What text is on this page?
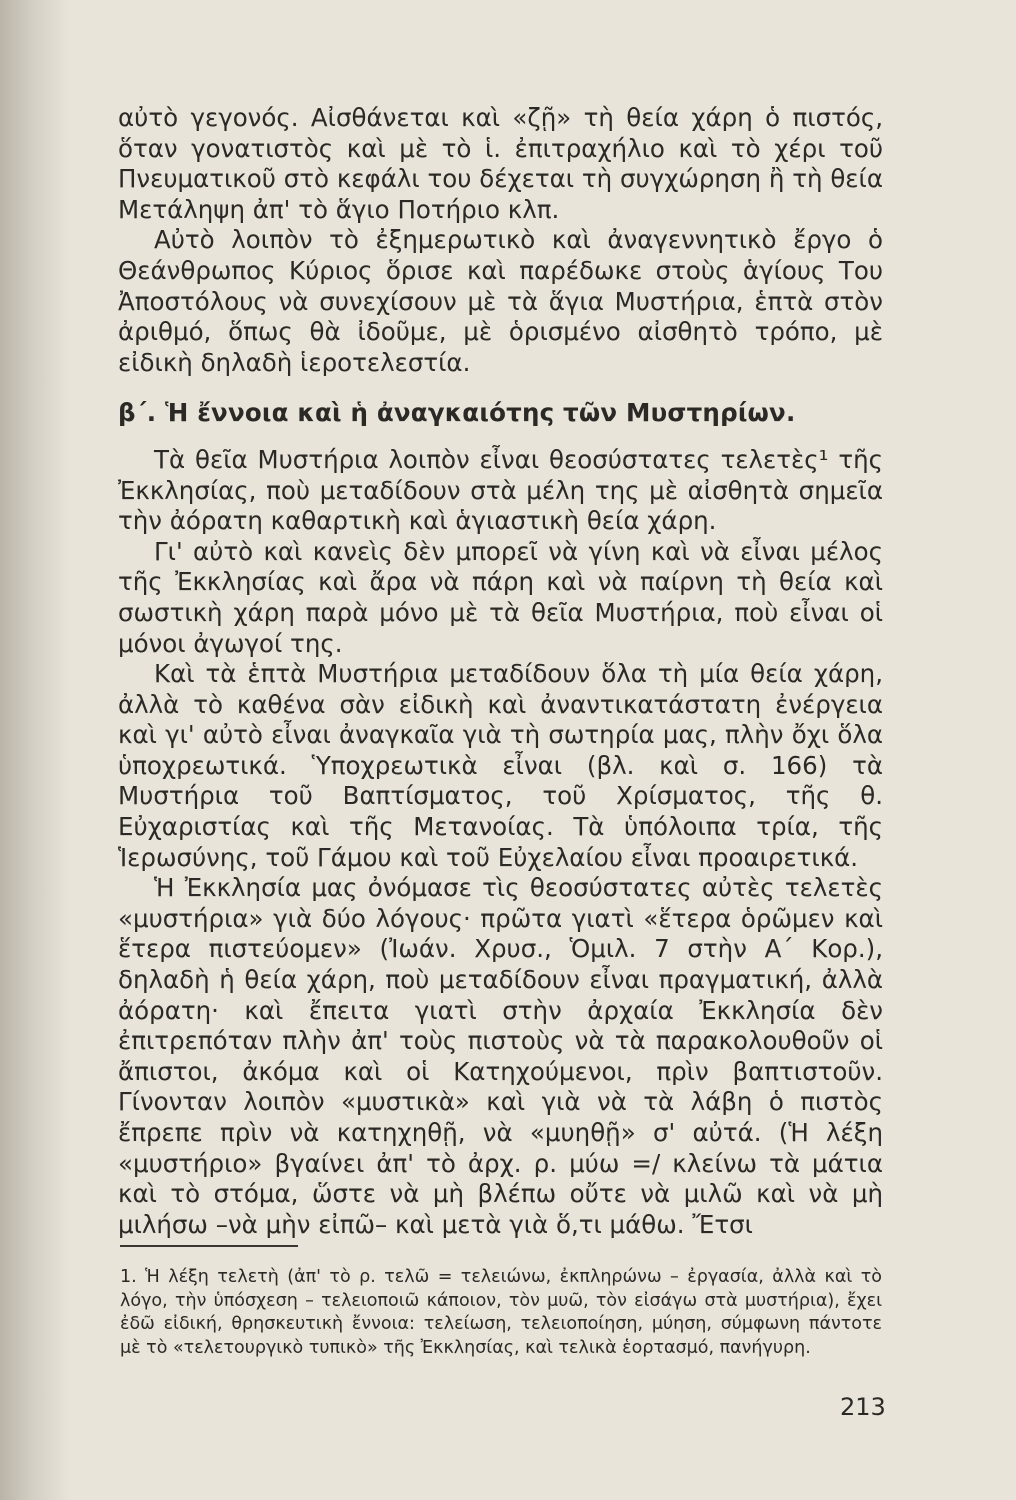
αὐτὸ γεγονός. Αἰσθάνεται καὶ «ζῇ» τὴ θεία χάρη ὁ πιστός, ὅταν γονατιστὸς καὶ μὲ τὸ ἱ. ἐπιτραχήλιο καὶ τὸ χέρι τοῦ Πνευματικοῦ στὸ κεφάλι του δέχεται τὴ συγχώρηση ἢ τὴ θεία Μετάληψη ἀπ' τὸ ἅγιο Ποτήριο κλπ.

Αὐτὸ λοιπὸν τὸ ἐξημερωτικὸ καὶ ἀναγεννητικὸ ἔργο ὁ Θεάνθρωπος Κύριος ὅρισε καὶ παρέδωκε στοὺς ἁγίους Του Ἀποστόλους νὰ συνεχίσουν μὲ τὰ ἅγια Μυστήρια, ἑπτὰ στὸν ἀριθμό, ὅπως θὰ ἰδοῦμε, μὲ ὁρισμένο αἰσθητὸ τρόπο, μὲ εἰδικὴ δηλαδὴ ἱεροτελεστία.

β΄. Ἡ ἔννοια καὶ ἡ ἀναγκαιότης τῶν Μυστηρίων.

Τὰ θεῖα Μυστήρια λοιπὸν εἶναι θεοσύστατες τελετὲς¹ τῆς Ἐκκλησίας, ποὺ μεταδίδουν στὰ μέλη της μὲ αἰσθητὰ σημεῖα τὴν ἀόρατη καθαρτικὴ καὶ ἁγιαστικὴ θεία χάρη.

Γι' αὐτὸ καὶ κανεὶς δὲν μπορεῖ νὰ γίνη καὶ νὰ εἶναι μέλος τῆς Ἐκκλησίας καὶ ἄρα νὰ πάρη καὶ νὰ παίρνη τὴ θεία καὶ σωστικὴ χάρη παρὰ μόνο μὲ τὰ θεῖα Μυστήρια, ποὺ εἶναι οἱ μόνοι ἀγωγοί της.

Καὶ τὰ ἑπτὰ Μυστήρια μεταδίδουν ὅλα τὴ μία θεία χάρη, ἀλλὰ τὸ καθένα σὰν εἰδικὴ καὶ ἀναντικατάστατη ἐνέργεια καὶ γι' αὐτὸ εἶναι ἀναγκαῖα γιὰ τὴ σωτηρία μας, πλὴν ὄχι ὅλα ὑποχρεωτικά. Ὑποχρεωτικὰ εἶναι (βλ. καὶ σ. 166) τὰ Μυστήρια τοῦ Βαπτίσματος, τοῦ Χρίσματος, τῆς θ. Εὐχαριστίας καὶ τῆς Μετανοίας. Τὰ ὑπόλοιπα τρία, τῆς Ἱερωσύνης, τοῦ Γάμου καὶ τοῦ Εὐχελαίου εἶναι προαιρετικά.

Ἡ Ἐκκλησία μας ὀνόμασε τὶς θεοσύστατες αὐτὲς τελετὲς «μυστήρια» γιὰ δύο λόγους· πρῶτα γιατὶ «ἕτερα ὁρῶμεν καὶ ἕτερα πιστεύομεν» (Ἰωάν. Χρυσ., Ὁμιλ. 7 στὴν Α΄ Κορ.), δηλαδὴ ἡ θεία χάρη, ποὺ μεταδίδουν εἶναι πραγματική, ἀλλὰ ἀόρατη· καὶ ἔπειτα γιατὶ στὴν ἀρχαία Ἐκκλησία δὲν ἐπιτρεπόταν πλὴν ἀπ' τοὺς πιστοὺς νὰ τὰ παρακολουθοῦν οἱ ἄπιστοι, ἀκόμα καὶ οἱ Κατηχούμενοι, πρὶν βαπτιστοῦν. Γίνονταν λοιπὸν «μυστικὰ» καὶ γιὰ νὰ τὰ λάβη ὁ πιστὸς ἔπρεπε πρὶν νὰ κατηχηθῇ, νὰ «μυηθῇ» σ' αὐτά. (Ἡ λέξη «μυστήριο» βγαίνει ἀπ' τὸ ἀρχ. ρ. μύω =/ κλείνω τὰ μάτια καὶ τὸ στόμα, ὥστε νὰ μὴ βλέπω οὔτε νὰ μιλῶ καὶ νὰ μὴ μιλήσω –νὰ μὴν εἰπῶ– καὶ μετὰ γιὰ ὅ,τι μάθω. Ἔτσι

1. Ἡ λέξη τελετὴ (ἀπ' τὸ ρ. τελῶ = τελειώνω, ἐκπληρώνω – ἐργασία, ἀλλὰ καὶ τὸ λόγο, τὴν ὑπόσχεση – τελειοποιῶ κάποιον, τὸν μυῶ, τὸν εἰσάγω στὰ μυστήρια), ἔχει ἐδῶ εἰδική, θρησκευτικὴ ἔννοια: τελείωση, τελειοποίηση, μύηση, σύμφωνη πάντοτε μὲ τὸ «τελετουργικὸ τυπικὸ» τῆς Ἐκκλησίας, καὶ τελικὰ ἑορτασμό, πανήγυρη.

213
